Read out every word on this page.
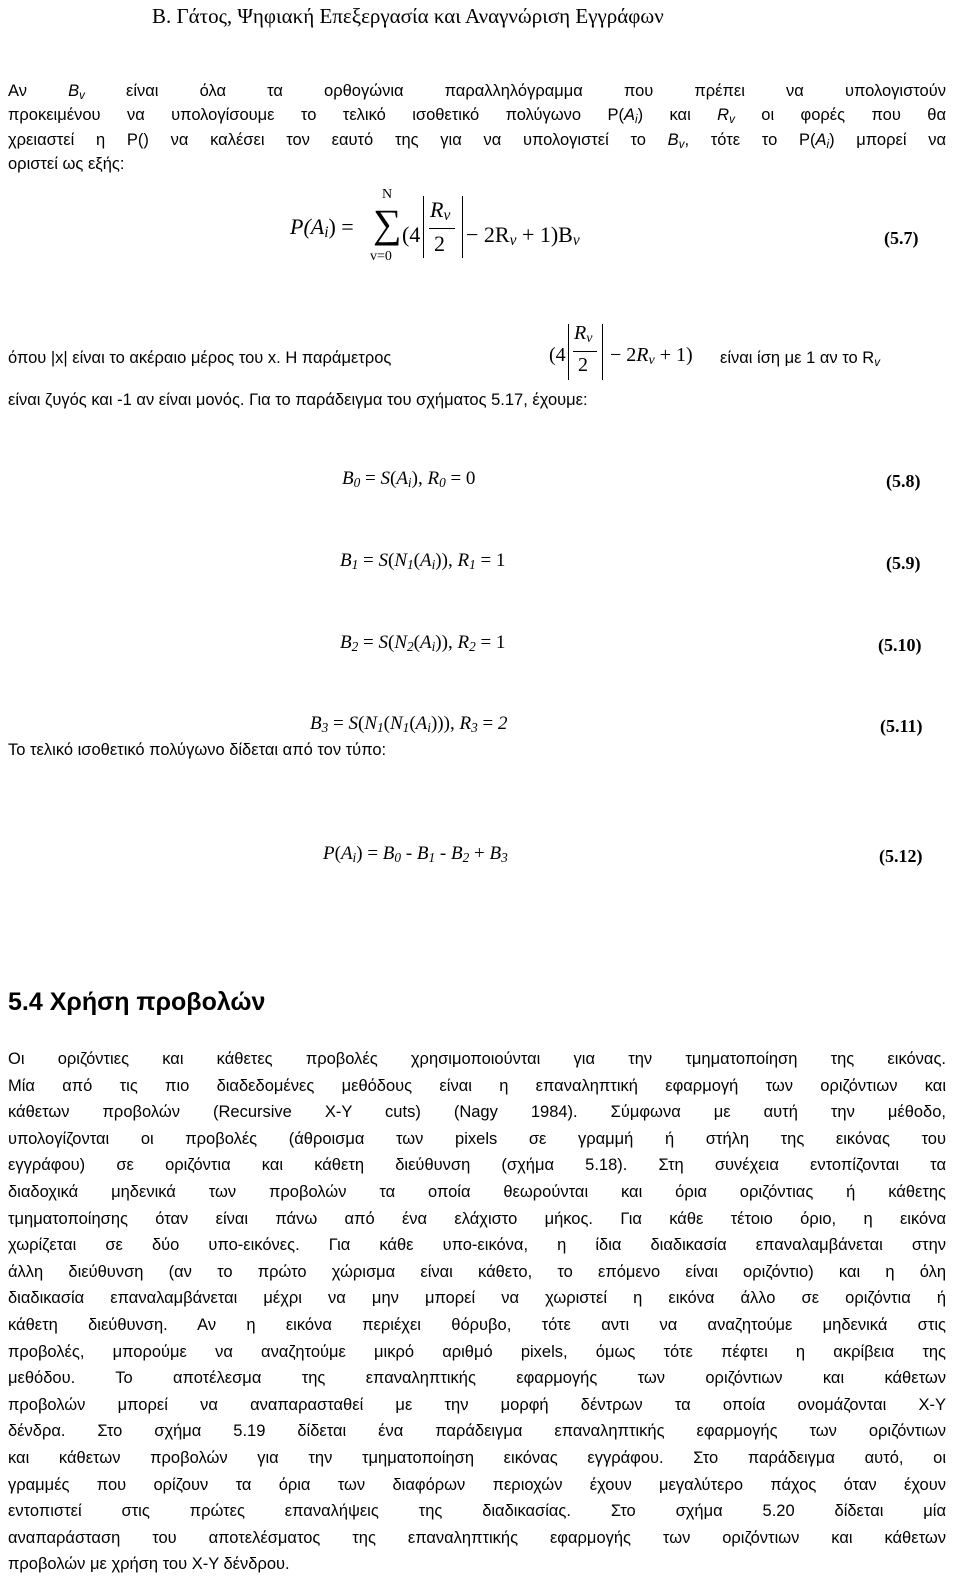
Β. Γάτος, Ψηφιακή Επεξεργασία και Αναγνώριση Εγγράφων
Αν $B_v$ είναι όλα τα ορθογώνια παραλληλόγραμμα που πρέπει να υπολογιστούν
προκειμένου να υπολογίσουμε το τελικό ισοθετικό πολύγωνο $P(A_i)$ και $R_v$ οι φορές που θα
χρειαστεί η P() να καλέσει τον εαυτό της για να υπολογιστεί το $B_v$, τότε το $P(A_i)$ μπορεί να
οριστεί ως εξής:
$P(A_i)$ =
N
∑
v=0
(4
$R_v$
$2 - 2R_v + 1)B_v$	(5.7)
όπου |x| είναι το ακέραιο μέρος του x. Η παράμετρος	(4
$R_v$
$2 - 2R_v + 1$) είναι ίση με 1 αν το $R_v$
είναι ζυγός και -1 αν είναι μονός. Για το παράδειγμα του σχήματος 5.17, έχουμε:
$B_0 = S(A_i)$, $R_0 = 0$	(5.8)
$B_1 = S(N_1(A_i))$, $R_1 = 1$	(5.9)
$B_2 = S(N_2(A_i))$, $R_2 = 1$	(5.10)
$B_3 = S(N_1(N_1(A_i)))$, $R_3 = 2$	(5.11)
Το τελικό ισοθετικό πολύγωνο δίδεται από τον τύπο:
$P(A_i) = B_0 - B_1 - B_2 + B_3$	(5.12)
5.4 Χρήση προβολών
Οι οριζόντιες και κάθετες προβολές χρησιμοποιούνται για την τμηματοποίηση της εικόνας.
Μία από τις πιο διαδεδομένες μεθόδους είναι η επαναληπτική εφαρμογή των οριζόντιων και
κάθετων προβολών (Recursive X-Y cuts) (Nagy 1984). Σύμφωνα με αυτή την μέθοδο,
υπολογίζονται οι προβολές (άθροισμα των pixels σε γραμμή ή στήλη της εικόνας του
εγγράφου) σε οριζόντια και κάθετη διεύθυνση (σχήμα 5.18). Στη συνέχεια εντοπίζονται τα
διαδοχικά μηδενικά των προβολών τα οποία θεωρούνται και όρια οριζόντιας ή κάθετης
τμηματοποίησης όταν είναι πάνω από ένα ελάχιστο μήκος. Για κάθε τέτοιο όριο, η εικόνα
χωρίζεται σε δύο υπο-εικόνες. Για κάθε υπο-εικόνα, η ίδια διαδικασία επαναλαμβάνεται στην
άλλη διεύθυνση (αν το πρώτο χώρισμα είναι κάθετο, το επόμενο είναι οριζόντιο) και η όλη
διαδικασία επαναλαμβάνεται μέχρι να μην μπορεί να χωριστεί η εικόνα άλλο σε οριζόντια ή
κάθετη διεύθυνση. Αν η εικόνα περιέχει θόρυβο, τότε αντι να αναζητούμε μηδενικά στις
προβολές, μπορούμε να αναζητούμε μικρό αριθμό pixels, όμως τότε πέφτει η ακρίβεια της
μεθόδου. Το αποτέλεσμα της επαναληπτικής εφαρμογής των οριζόντιων και κάθετων
προβολών μπορεί να αναπαρασταθεί με την μορφή δέντρων τα οποία ονομάζονται X-Y
δένδρα. Στο σχήμα 5.19 δίδεται ένα παράδειγμα επαναληπτικής εφαρμογής των οριζόντιων
και κάθετων προβολών για την τμηματοποίηση εικόνας εγγράφου. Στο παράδειγμα αυτό, οι
γραμμές που ορίζουν τα όρια των διαφόρων περιοχών έχουν μεγαλύτερο πάχος όταν έχουν
εντοπιστεί στις πρώτες επαναλήψεις της διαδικασίας. Στο σχήμα 5.20 δίδεται μία
αναπαράσταση του αποτελέσματος της επαναληπτικής εφαρμογής των οριζόντιων και κάθετων
προβολών με χρήση του X-Y δένδρου.
